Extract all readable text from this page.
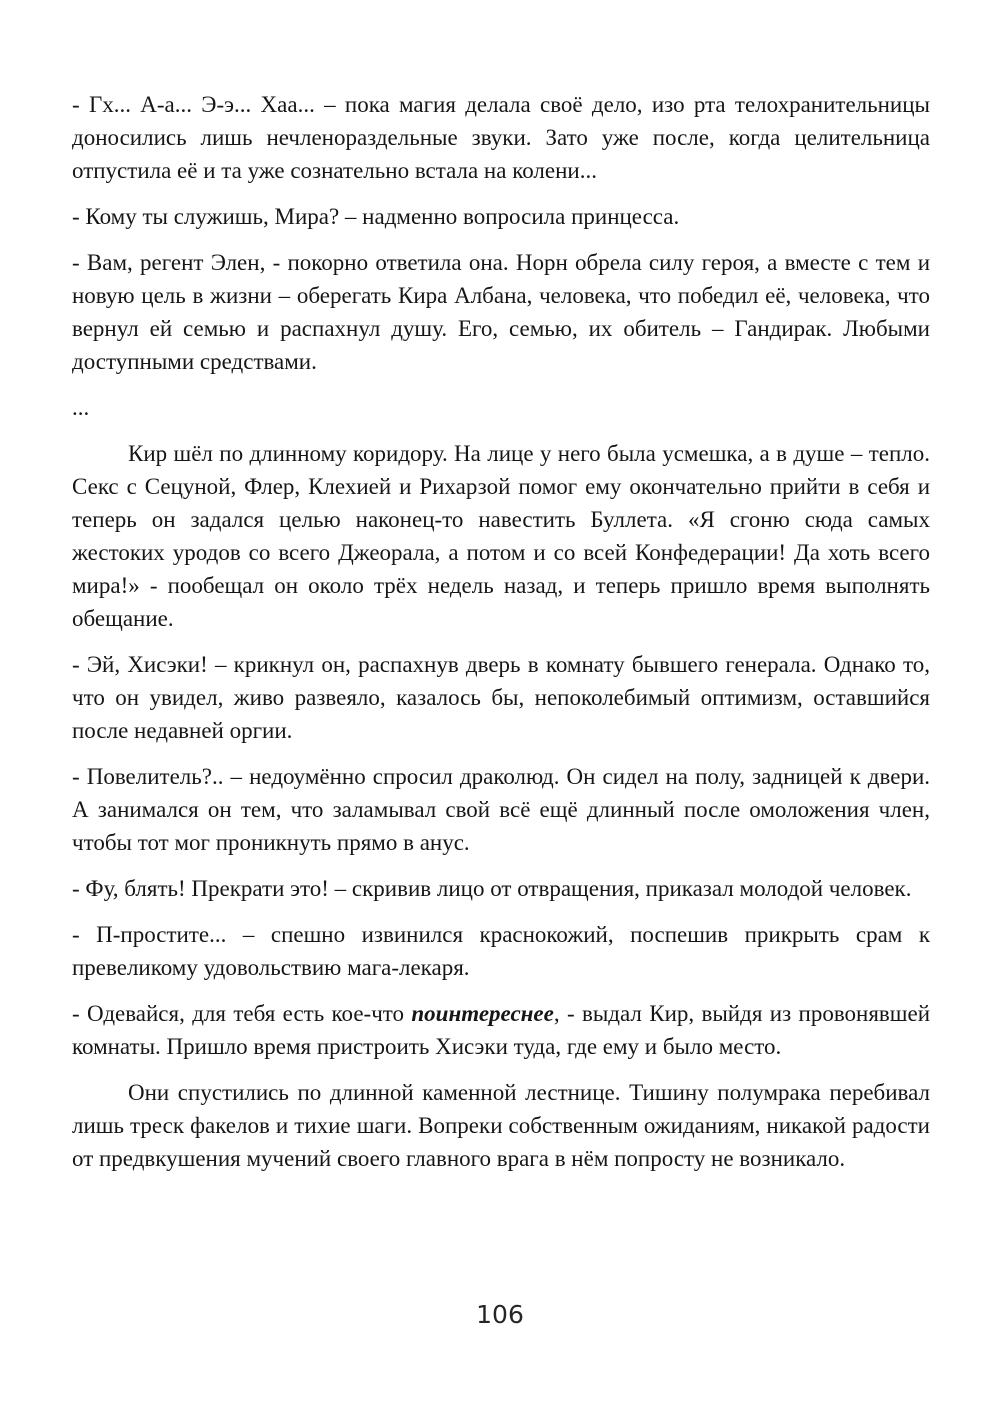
- Гх... А-а... Э-э... Хаа... – пока магия делала своё дело, изо рта телохранительницы доносились лишь нечленораздельные звуки. Зато уже после, когда целительница отпустила её и та уже сознательно встала на колени...

- Кому ты служишь, Мира? – надменно вопросила принцесса.

- Вам, регент Элен, - покорно ответила она. Норн обрела силу героя, а вместе с тем и новую цель в жизни – оберегать Кира Албана, человека, что победил её, человека, что вернул ей семью и распахнул душу. Его, семью, их обитель – Гандирак. Любыми доступными средствами.

...

Кир шёл по длинному коридору. На лице у него была усмешка, а в душе – тепло. Секс с Сецуной, Флер, Клехией и Рихарзой помог ему окончательно прийти в себя и теперь он задался целью наконец-то навестить Буллета. «Я сгоню сюда самых жестоких уродов со всего Джеорала, а потом и со всей Конфедерации! Да хоть всего мира!» - пообещал он около трёх недель назад, и теперь пришло время выполнять обещание.

- Эй, Хисэки! – крикнул он, распахнув дверь в комнату бывшего генерала. Однако то, что он увидел, живо развеяло, казалось бы, непоколебимый оптимизм, оставшийся после недавней оргии.

- Повелитель?.. – недоумённо спросил драколюд. Он сидел на полу, задницей к двери. А занимался он тем, что заламывал свой всё ещё длинный после омоложения член, чтобы тот мог проникнуть прямо в анус.

- Фу, блять! Прекрати это! – скривив лицо от отвращения, приказал молодой человек.

- П-простите... – спешно извинился краснокожий, поспешив прикрыть срам к превеликому удовольствию мага-лекаря.

- Одевайся, для тебя есть кое-что поинтереснее, - выдал Кир, выйдя из провонявшей комнаты. Пришло время пристроить Хисэки туда, где ему и было место.

Они спустились по длинной каменной лестнице. Тишину полумрака перебивал лишь треск факелов и тихие шаги. Вопреки собственным ожиданиям, никакой радости от предвкушения мучений своего главного врага в нём попросту не возникало.

106
